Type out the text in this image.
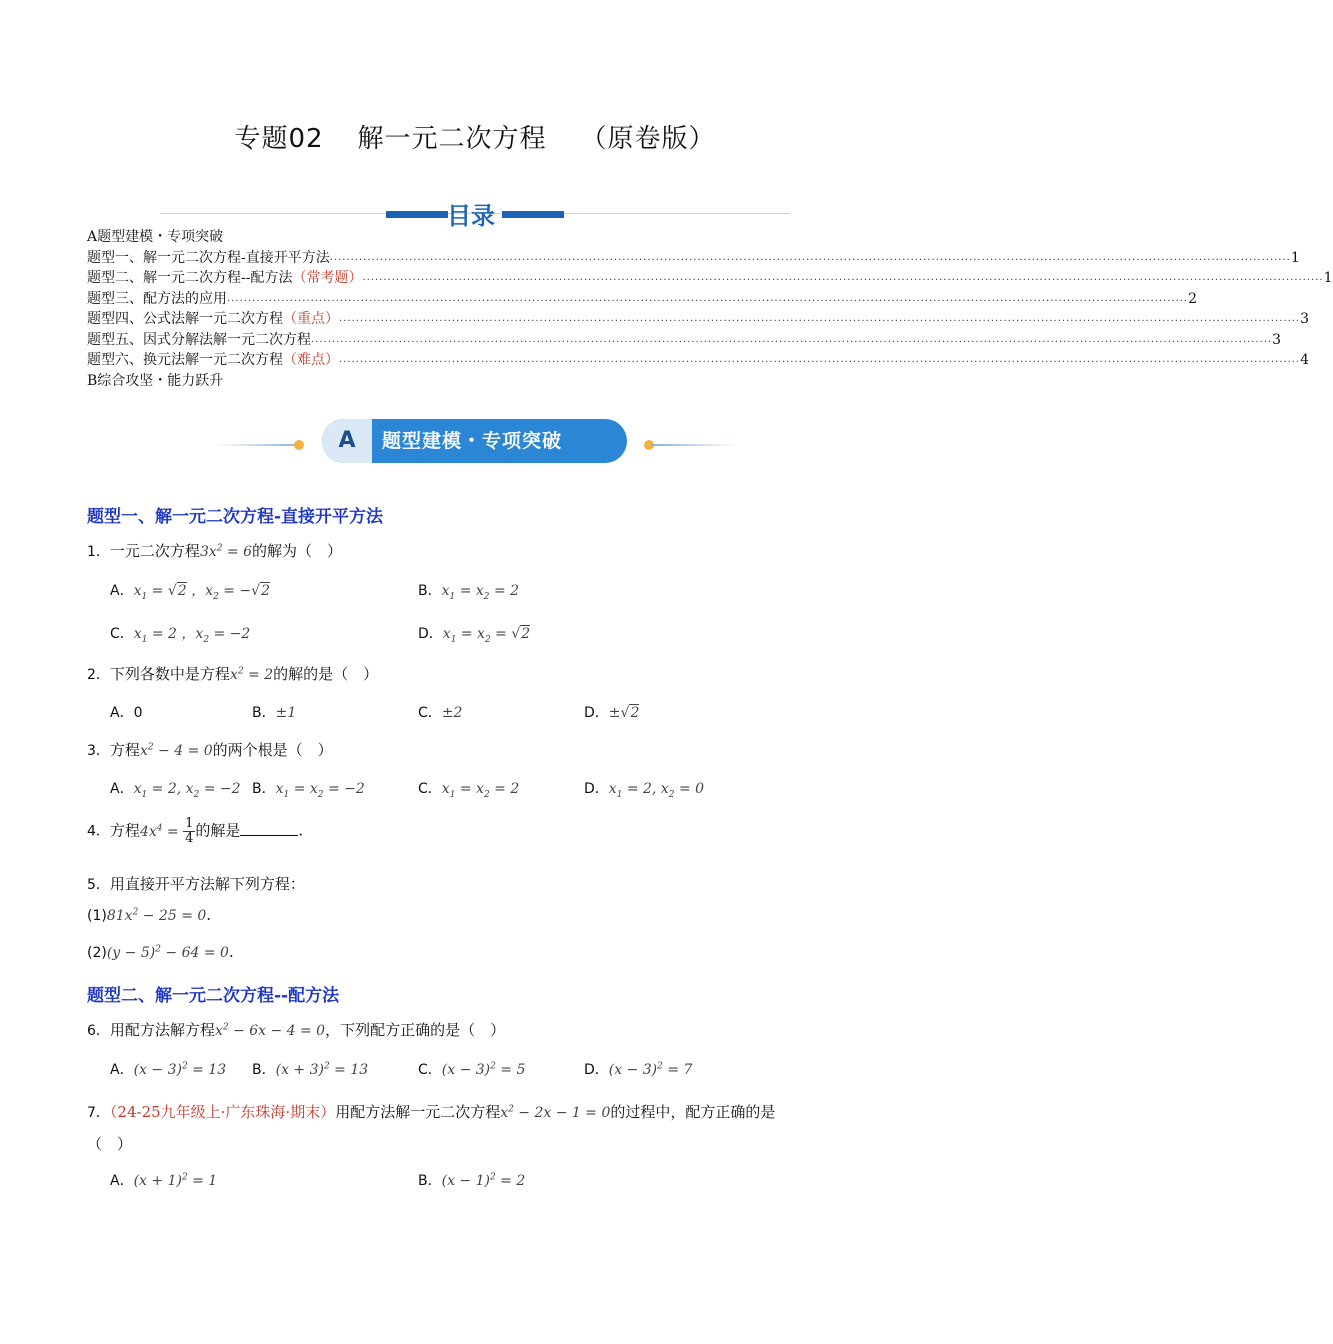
专题02 解一元二次方程 （原卷版）
目录
A题型建模・专项突破
题型一、解一元二次方程-直接开平方法 ...................................................................................................................................................................................................................................... 1
题型二、解一元二次方程--配方法 （常考题） ...................................................................................................................................................................................................................................... 1
题型三、配方法的应用 ...................................................................................................................................................................................................................................... 2
题型四、公式法解一元二次方程 （重点） ...................................................................................................................................................................................................................................... 3
题型五、因式分解法解一元二次方程 ...................................................................................................................................................................................................................................... 3
题型六、换元法解一元二次方程 （难点） ...................................................................................................................................................................................................................................... 4
B综合攻坚・能力跃升
A	题型建模・专项突破
题型一、解一元二次方程-直接开平方法
1．一元二次方程$3x^2 = 6$的解为（　）
A．$x_1 = √2$ ，$x_2 = -√2$	B．$x_1 = x_2 = 2$
C．$x_1 = 2$ ，$x_2 = -2$	D．$x_1 = x_2 = √2$
2．下列各数中是方程$x^2 = 2$的解的是（　）
A．0	B．±1	C．±2	D．±√2
3．方程$x^2 - 4 = 0$的两个根是（　）
A．$x_1 = 2$, $x_2 = -2$ B．$x_1 = x_2 = -2$	C．$x_1 = x_2 = 2$	D．$x_1 = 2$, $x_2 = 0$
4．方程$4x^4 = \frac{1}{4}$ 的解是	.
5．用直接开平方法解下列方程：
$(1)81x^2 - 25 = 0$.
$(2)(y - 5)^2 - 64 = 0$.
题型二、解一元二次方程--配方法
6．用配方法解方程$x^2 - 6x - 4 = 0$，下列配方正确的是（　）
A．$(x - 3)^2 = 13$ B．$(x + 3)^2 = 13$	C．$(x - 3)^2 = 5$	D．$(x - 3)^2 = 7$
7．（24-25九年级上·广东珠海·期末）用配方法解一元二次方程$x^2 - 2x - 1 = 0$的过程中，配方正确的是
（　）
A．$(x + 1)^2 = 1$	B．$(x - 1)^2 = 2$
